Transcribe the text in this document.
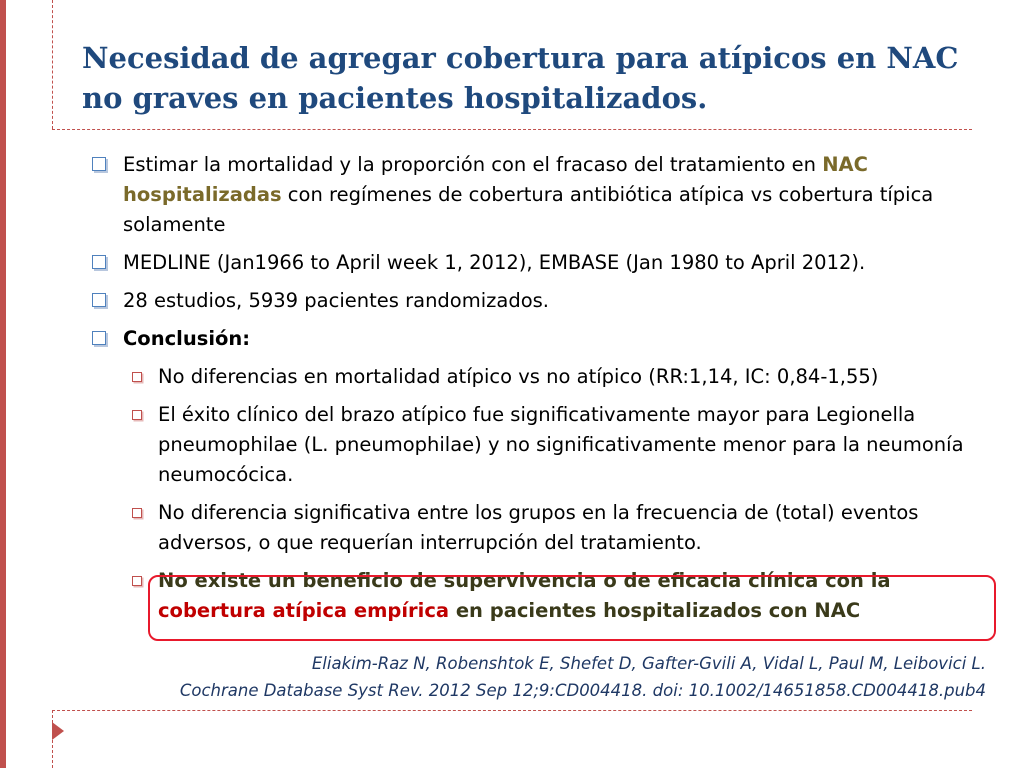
Necesidad de agregar cobertura para atípicos en NAC no graves en pacientes hospitalizados.
Estimar la mortalidad y la proporción con el fracaso del tratamiento en NAC hospitalizadas con regímenes de cobertura antibiótica atípica vs cobertura típica solamente
MEDLINE (Jan1966 to April week 1, 2012), EMBASE (Jan 1980 to April 2012).
28 estudios, 5939 pacientes randomizados.
Conclusión:
No diferencias en mortalidad atípico vs no atípico (RR:1,14, IC: 0,84-1,55)
El éxito clínico del brazo atípico fue significativamente mayor para Legionella pneumophilae (L. pneumophilae) y no significativamente menor para la neumonía neumocócica.
No diferencia significativa entre los grupos en la frecuencia de (total) eventos adversos, o que requerían interrupción del tratamiento.
No existe un beneficio de supervivencia o de eficacia clínica con la cobertura atípica empírica en pacientes hospitalizados con NAC

Eliakim-Raz N, Robenshtok E, Shefet D, Gafter-Gvili A, Vidal L, Paul M, Leibovici L.

Cochrane Database Syst Rev. 2012 Sep 12;9:CD004418. doi: 10.1002/14651858.CD004418.pub4
